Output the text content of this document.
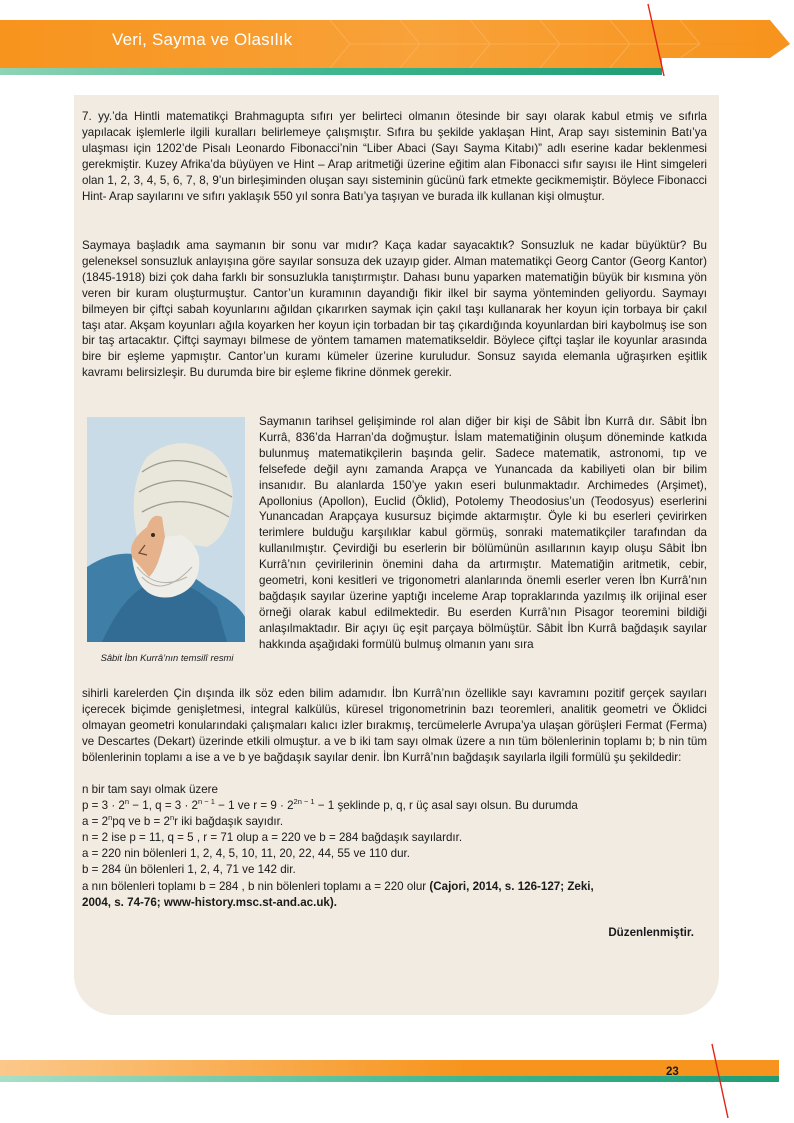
Veri, Sayma ve Olasılık
7. yy.’da Hintli matematikçi Brahmagupta sıfırı yer belirteci olmanın ötesinde bir sayı olarak kabul etmiş ve sıfırla yapılacak işlemlerle ilgili kuralları belirlemeye çalışmıştır. Sıfıra bu şekilde yaklaşan Hint, Arap sayı sisteminin Batı’ya ulaşması için 1202’de Pisalı Leonardo Fibonacci’nin “Liber Abaci (Sayı Sayma Kitabı)” adlı eserine kadar beklenmesi gerekmiştir. Kuzey Afrika’da büyüyen ve Hint – Arap aritmetiği üzerine eğitim alan Fibonacci sıfır sayısı ile Hint simgeleri olan 1, 2, 3, 4, 5, 6, 7, 8, 9’un birleşiminden oluşan sayı sisteminin gücünü fark etmekte gecikmemiştir. Böylece Fibonacci Hint- Arap sayılarını ve sıfırı yaklaşık 550 yıl sonra Batı’ya taşıyan ve burada ilk kullanan kişi olmuştur.
Saymaya başladık ama saymanın bir sonu var mıdır? Kaça kadar sayacaktık? Sonsuzluk ne kadar büyüktür? Bu geleneksel sonsuzluk anlayışına göre sayılar sonsuza dek uzayıp gider. Alman matematikçi Georg Cantor (Georg Kantor) (1845-1918) bizi çok daha farklı bir sonsuzlukla tanıştırmıştır. Dahası bunu yaparken matematiğin büyük bir kısmına yön veren bir kuram oluşturmuştur. Cantor’un kuramının dayandığı fikir ilkel bir sayma yönteminden geliyordu. Saymayı bilmeyen bir çiftçi sabah koyunlarını ağıldan çıkarırken saymak için çakıl taşı kullanarak her koyun için torbaya bir çakıl taşı atar. Akşam koyunları ağıla koyarken her koyun için torbadan bir taş çıkardığında koyunlardan biri kaybolmuş ise son bir taş artacaktır. Çiftçi saymayı bilmese de yöntem tamamen matematikseldir. Böylece çiftçi taşlar ile koyunlar arasında bire bir eşleme yapmıştır. Cantor’un kuramı kümeler üzerine kuruludur. Sonsuz sayıda elemanla uğraşırken eşitlik kavramı belirsizleşir. Bu durumda bire bir eşleme fikrine dönmek gerekir.
Sâbit İbn Kurrâ’nın temsilî resmi
Saymanın tarihsel gelişiminde rol alan diğer bir kişi de Sâbit İbn Kurrâ dır. Sâbit İbn Kurrâ, 836’da Harran’da doğmuştur. İslam matematiğinin oluşum döneminde katkıda bulunmuş matematikçilerin başında gelir. Sadece matematik, astronomi, tıp ve felsefede değil aynı zamanda Arapça ve Yunancada da kabiliyeti olan bir bilim insanıdır. Bu alanlarda 150’ye yakın eseri bulunmaktadır. Archimedes (Arşimet), Apollonius (Apollon), Euclid (Öklid), Potolemy Theodosius’un (Teodosyus) eserlerini Yunancadan Arapçaya kusursuz biçimde aktarmıştır. Öyle ki bu eserleri çevirirken terimlere bulduğu karşılıklar kabul görmüş, sonraki matematikçiler tarafından da kullanılmıştır. Çevirdiği bu eserlerin bir bölümünün asıllarının kayıp oluşu Sâbit İbn Kurrâ’nın çevirilerinin önemini daha da artırmıştır. Matematiğin aritmetik, cebir, geometri, koni kesitleri ve trigonometri alanlarında önemli eserler veren İbn Kurrâ’nın bağdaşık sayılar üzerine yaptığı inceleme Arap topraklarında yazılmış ilk orijinal eser örneği olarak kabul edilmektedir. Bu eserden Kurrâ’nın Pisagor teoremini bildiği anlaşılmaktadır. Bir açıyı üç eşit parçaya bölmüştür. Sâbit İbn Kurrâ bağdaşık sayılar hakkında aşağıdaki formülü bulmuş olmanın yanı sıra
sihirli karelerden Çin dışında ilk söz eden bilim adamıdır. İbn Kurrâ’nın özellikle sayı kavramını pozitif gerçek sayıları içerecek biçimde genişletmesi, integral kalkülüs, küresel trigonometrinin bazı teoremleri, analitik geometri ve Öklidci olmayan geometri konularındaki çalışmaları kalıcı izler bırakmış, tercümelerle Avrupa’ya ulaşan görüşleri Fermat (Ferma) ve Descartes (Dekart) üzerinde etkili olmuştur. a ve b iki tam sayı olmak üzere a nın tüm bölenlerinin toplamı b; b nin tüm bölenlerinin toplamı a ise a ve b ye bağdaşık sayılar denir. İbn Kurrâ’nın bağdaşık sayılarla ilgili formülü şu şekildedir:
n bir tam sayı olmak üzere
$p = 3 \cdot 2^n - 1$, $q = 3 \cdot 2^{n - 1} - 1$ ve $r = 9 \cdot 2^{2n - 1} - 1$ şeklinde p, q, r üç asal sayı olsun. Bu durumda
$a = 2^npq$ ve $b = 2^nr$ iki bağdaşık sayıdır.
n = 2 ise p = 11, q = 5 , r = 71 olup a = 220 ve b = 284 bağdaşık sayılardır.
a = 220 nin bölenleri 1, 2, 4, 5, 10, 11, 20, 22, 44, 55 ve 110 dur.
b = 284 ün bölenleri 1, 2, 4, 71 ve 142 dir.
a nın bölenleri toplamı b = 284 , b nin bölenleri toplamı a = 220 olur (Cajori, 2014, s. 126-127; Zeki,
2004, s. 74-76; www-history.msc.st-and.ac.uk).
Düzenlenmiştir.
23
